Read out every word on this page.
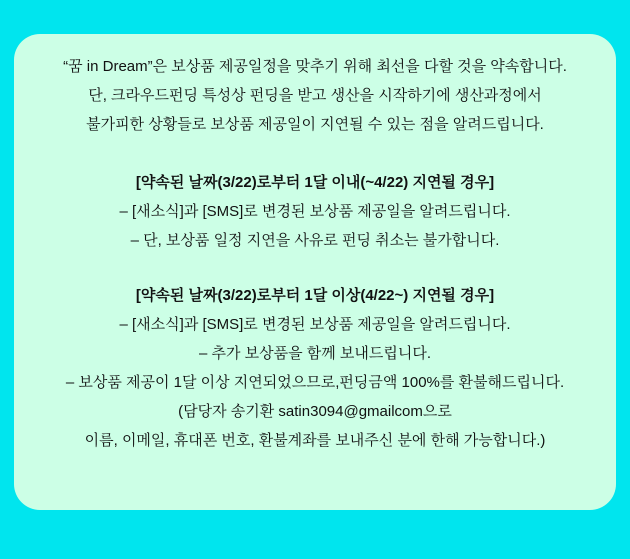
“꿈 in Dream”은 보상품 제공일정을 맞추기 위해 최선을 다할 것을 약속합니다.
단, 크라우드펀딩 특성상 펀딩을 받고 생산을 시작하기에 생산과정에서
불가피한 상황들로 보상품 제공일이 지연될 수 있는 점을 알려드립니다.
[약속된 날짜(3/22)로부터 1달 이내(~4/22) 지연될 경우]
– [새소식]과 [SMS]로 변경된 보상품 제공일을 알려드립니다.
– 단, 보상품 일정 지연을 사유로 펀딩 취소는 불가합니다.
[약속된 날짜(3/22)로부터 1달 이상(4/22~) 지연될 경우]
– [새소식]과 [SMS]로 변경된 보상품 제공일을 알려드립니다.
– 추가 보상품을 함께 보내드립니다.
– 보상품 제공이 1달 이상 지연되었으므로,펀딩금액 100%를 환불해드립니다.
(담당자 송기환 satin3094@gmailcom으로
이름, 이메일, 휴대폰 번호, 환불계좌를 보내주신 분에 한해 가능합니다.)
